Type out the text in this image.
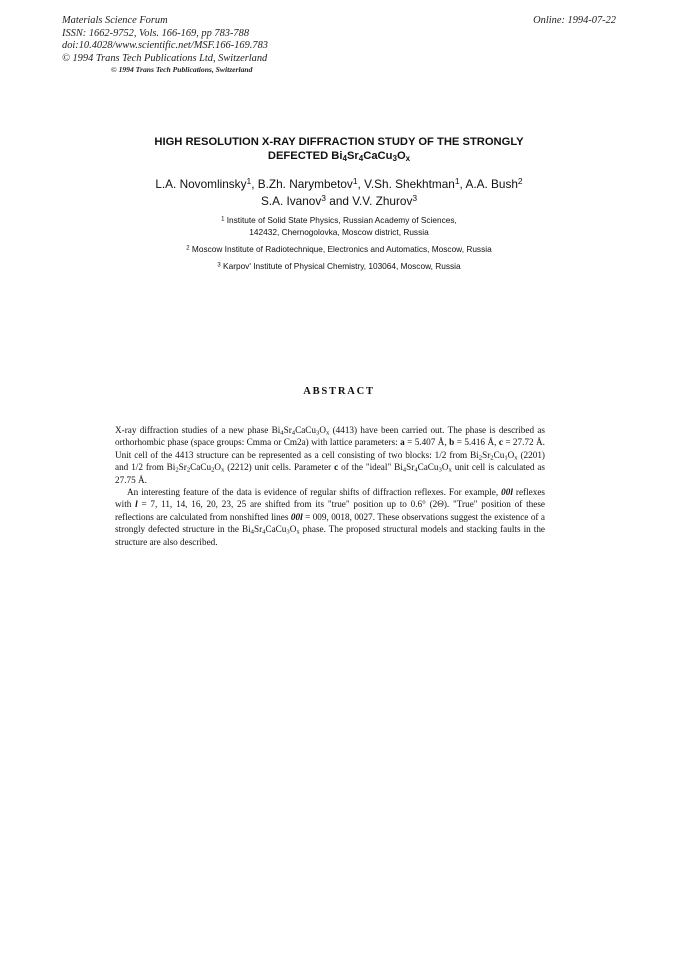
Materials Science Forum
ISSN: 1662-9752, Vols. 166-169, pp 783-788
doi:10.4028/www.scientific.net/MSF.166-169.783
© 1994 Trans Tech Publications Ltd, Switzerland
Online: 1994-07-22
© 1994 Trans Tech Publications, Switzerland
HIGH RESOLUTION X-RAY DIFFRACTION STUDY OF THE STRONGLY
DEFECTED $Bi_4Sr_4CaCu_3O_x$
L.A. Novomlinsky$^1$, B.Zh. Narymbetov$^1$, V.Sh. Shekhtman$^1$, A.A. Bush$^2$
S.A. Ivanov$^3$ and V.V. Zhurov$^3$
$^1$ Institute of Solid State Physics, Russian Academy of Sciences,
142432, Chernogolovka, Moscow district, Russia
$^2$ Moscow Institute of Radiotechnique, Electronics and Automatics, Moscow, Russia
$^3$ Karpov' Institute of Physical Chemistry, 103064, Moscow, Russia
ABSTRACT

X-ray diffraction studies of a new phase $Bi_4Sr_4CaCu_3O_x$ (4413) have been carried out. The phase is described as orthorhombic phase (space groups: Cmma or Cm2a) with lattice parameters: a = 5.407 Å, b = 5.416 Å, c = 27.72 Å. Unit cell of the 4413 structure can be represented as a cell consisting of two blocks: 1/2 from $Bi_2Sr_2Cu_1O_x$ (2201) and 1/2 from $Bi_2Sr_2CaCu_2O_x$ (2212) unit cells. Parameter c of the "ideal" $Bi_4Sr_4CaCu_3O_x$ unit cell is calculated as 27.75 Å.

An interesting feature of the data is evidence of regular shifts of diffraction reflexes. For example, 00l reflexes with l = 7, 11, 14, 16, 20, 23, 25 are shifted from its "true" position up to 0.6° (2Θ). "True" position of these reflections are calculated from nonshifted lines 00l = 009, 0018, 0027. These observations suggest the existence of a strongly defected structure in the $Bi_4Sr_4CaCu_3O_x$ phase. The proposed structural models and stacking faults in the structure are also described.
